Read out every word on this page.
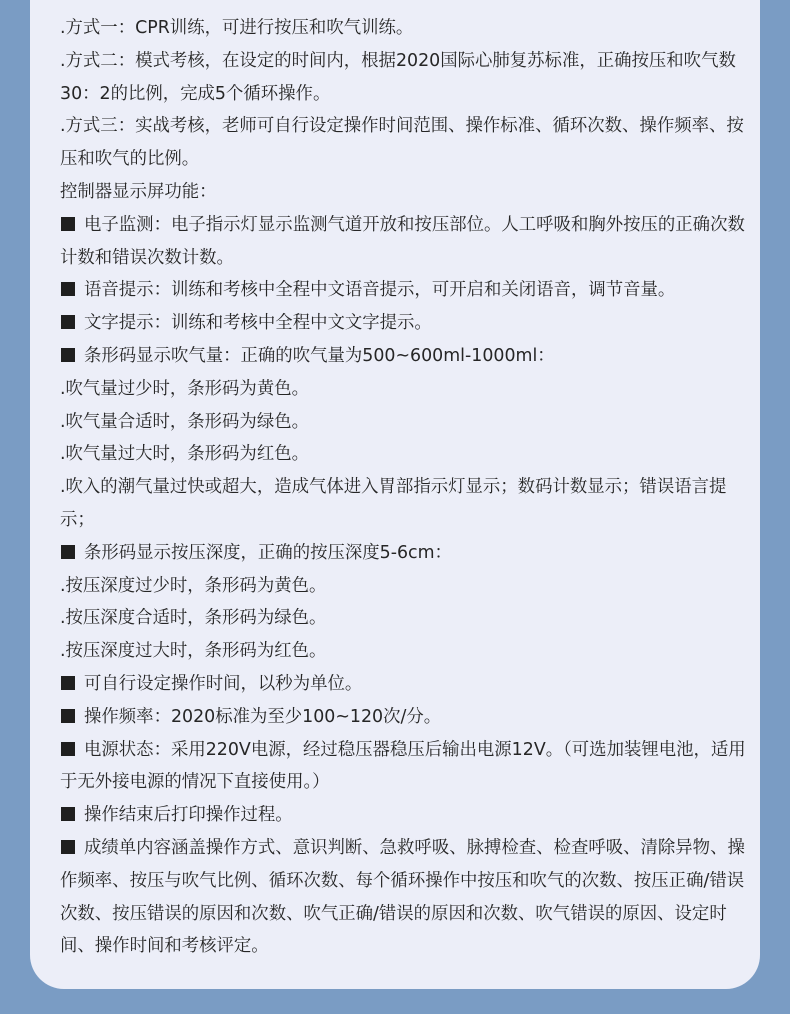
.方式一：CPR训练，可进行按压和吹气训练。

.方式二：模式考核，在设定的时间内，根据2020国际心肺复苏标准，正确按压和吹气数30：2的比例，完成5个循环操作。

.方式三：实战考核，老师可自行设定操作时间范围、操作标准、循环次数、操作频率、按压和吹气的比例。

控制器显示屏功能：

电子监测：电子指示灯显示监测气道开放和按压部位。人工呼吸和胸外按压的正确次数计数和错误次数计数。

语音提示：训练和考核中全程中文语音提示，可开启和关闭语音，调节音量。

文字提示：训练和考核中全程中文文字提示。

条形码显示吹气量：正确的吹气量为500~600ml-1000ml：

.吹气量过少时，条形码为黄色。

.吹气量合适时，条形码为绿色。

.吹气量过大时，条形码为红色。

.吹入的潮气量过快或超大，造成气体进入胃部指示灯显示；数码计数显示；错误语言提示；

条形码显示按压深度，正确的按压深度5-6cm：

.按压深度过少时，条形码为黄色。

.按压深度合适时，条形码为绿色。

.按压深度过大时，条形码为红色。

可自行设定操作时间，以秒为单位。

操作频率：2020标准为至少100~120次/分。

电源状态：采用220V电源，经过稳压器稳压后输出电源12V。（可选加装锂电池，适用于无外接电源的情况下直接使用。）

操作结束后打印操作过程。

成绩单内容涵盖操作方式、意识判断、急救呼吸、脉搏检查、检查呼吸、清除异物、操作频率、按压与吹气比例、循环次数、每个循环操作中按压和吹气的次数、按压正确/错误次数、按压错误的原因和次数、吹气正确/错误的原因和次数、吹气错误的原因、设定时间、操作时间和考核评定。
